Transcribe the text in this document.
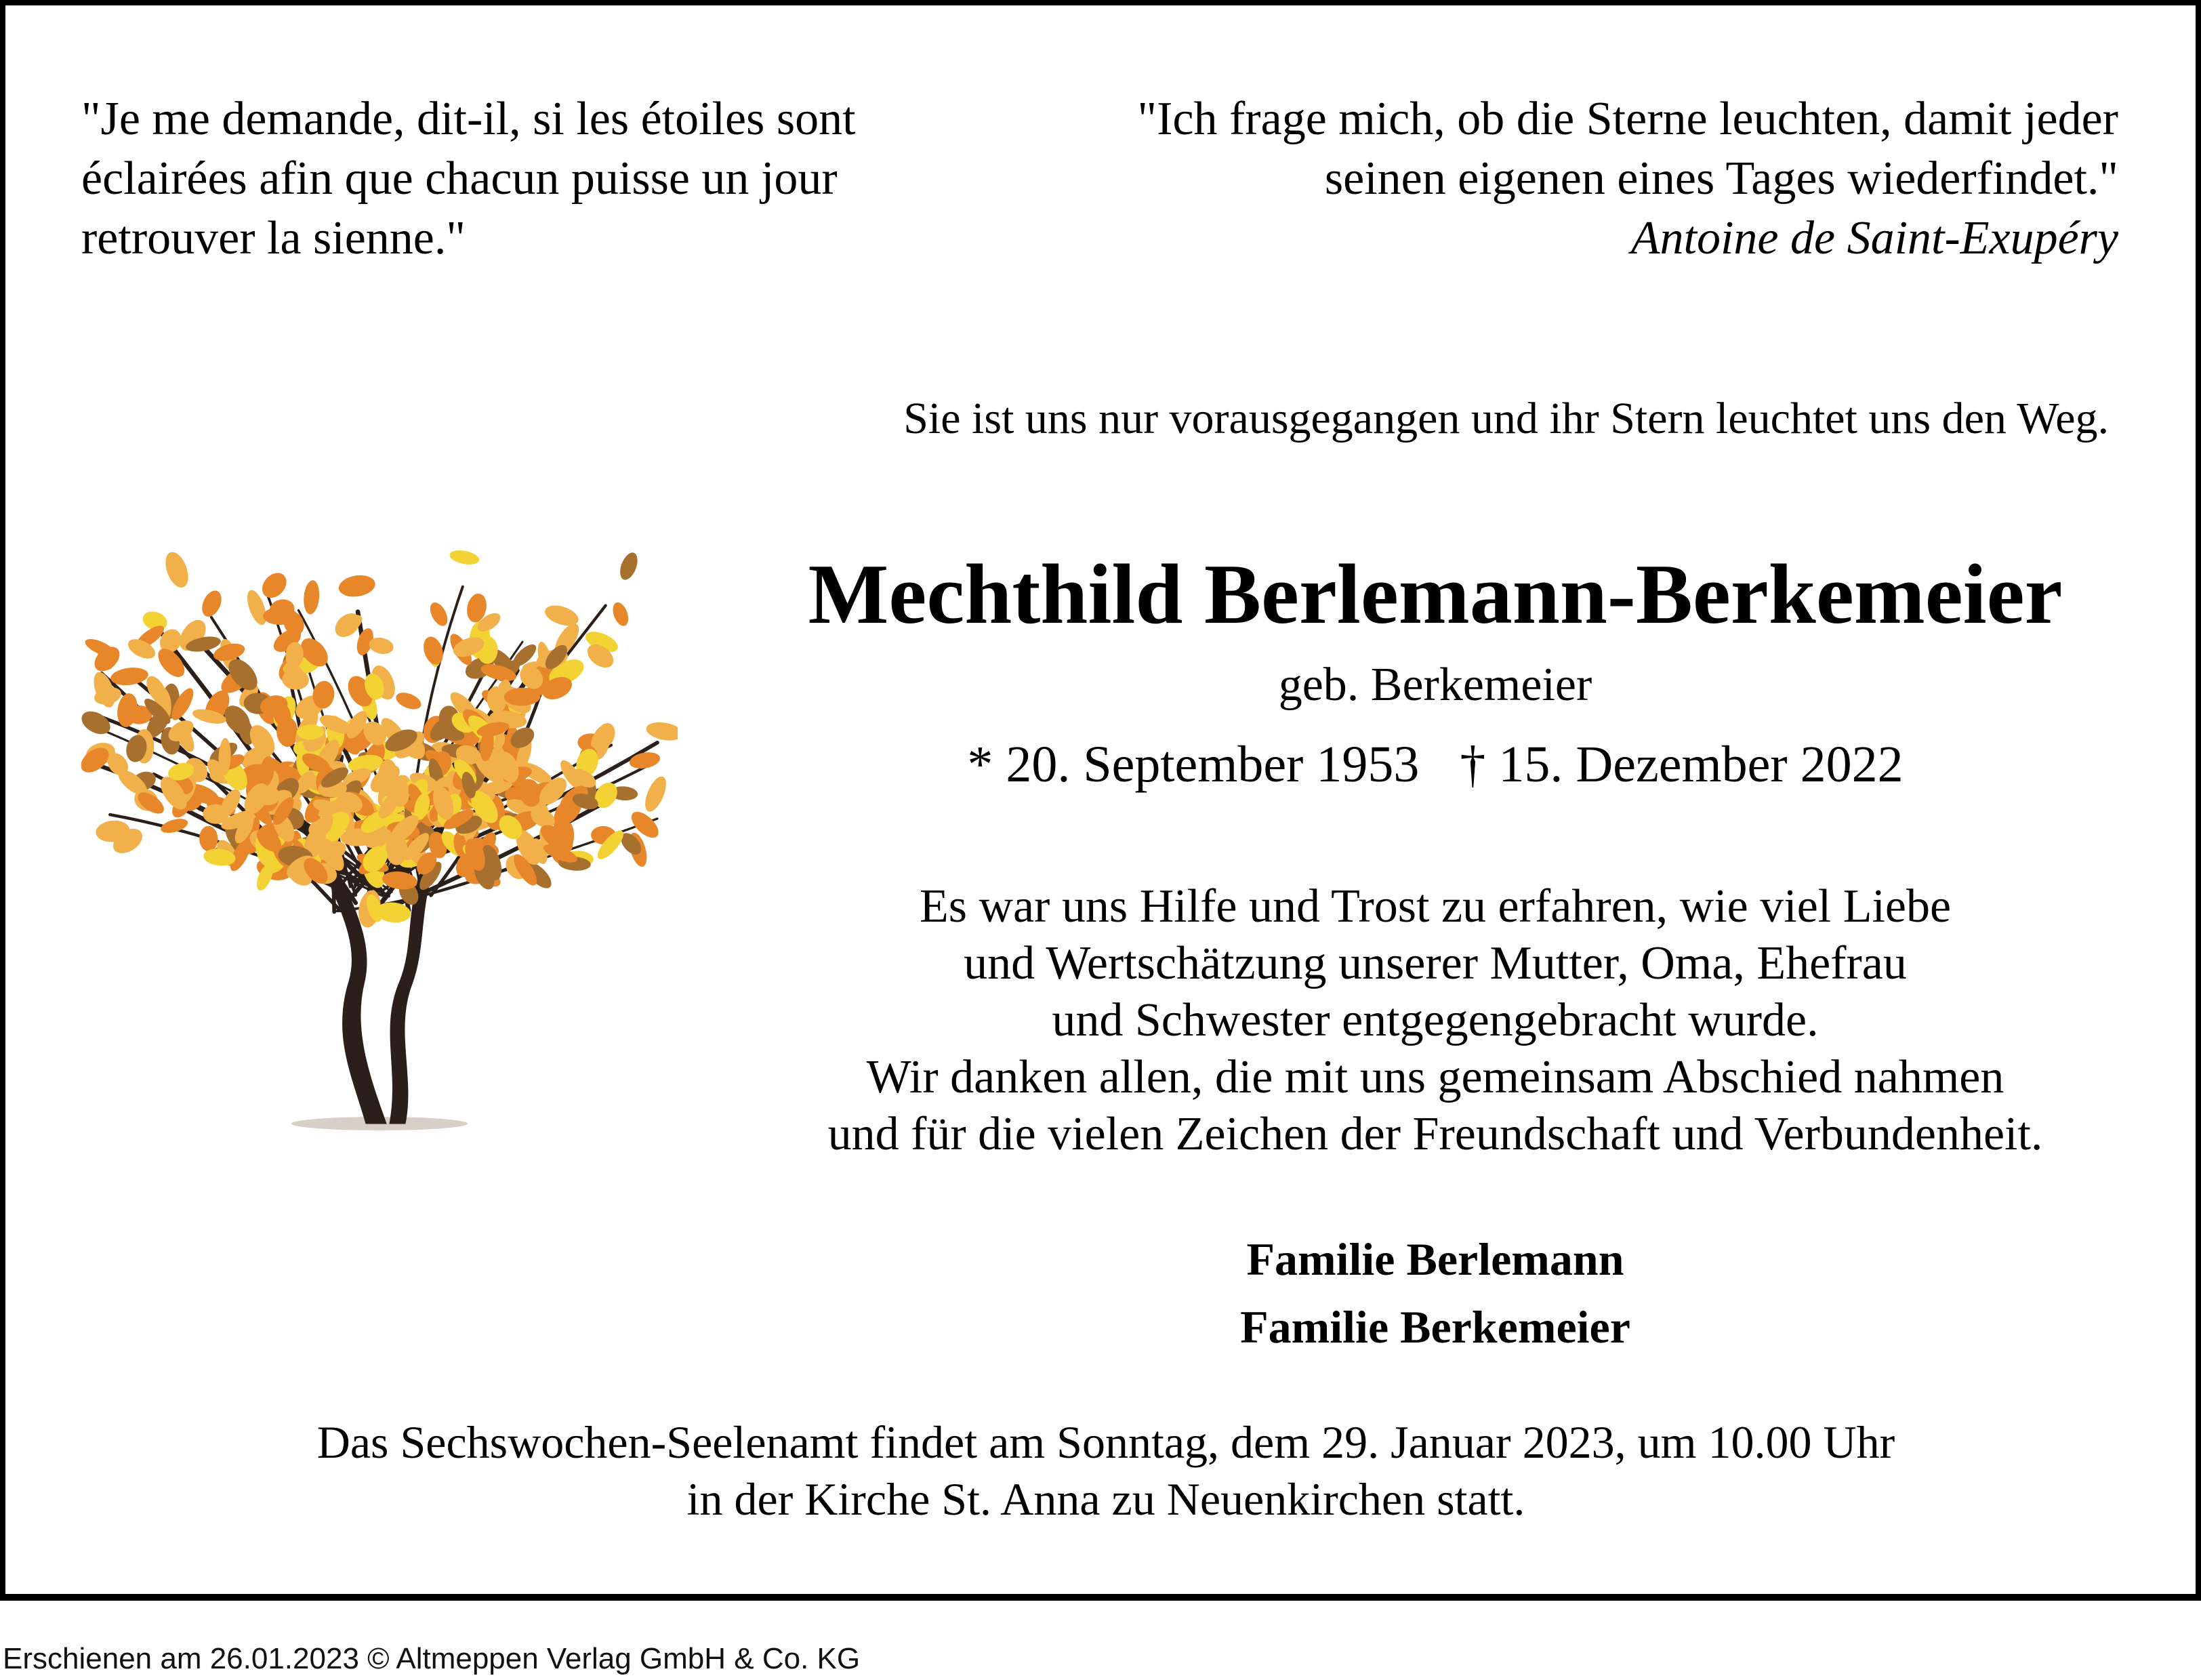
"Je me demande, dit-il, si les étoiles sont
éclairées afin que chacun puisse un jour
retrouver la sienne."
"Ich frage mich, ob die Sterne leuchten, damit jeder
seinen eigenen eines Tages wiederfindet."
Antoine de Saint-Exupéry
Sie ist uns nur vorausgegangen und ihr Stern leuchtet uns den Weg.
Mechthild Berlemann-Berkemeier
geb. Berkemeier
* 20. September 1953 † 15. Dezember 2022
Es war uns Hilfe und Trost zu erfahren, wie viel Liebe
und Wertschätzung unserer Mutter, Oma, Ehefrau
und Schwester entgegengebracht wurde.
Wir danken allen, die mit uns gemeinsam Abschied nahmen
und für die vielen Zeichen der Freundschaft und Verbundenheit.
Familie Berlemann
Familie Berkemeier
Das Sechswochen-Seelenamt findet am Sonntag, dem 29. Januar 2023, um 10.00 Uhr
in der Kirche St. Anna zu Neuenkirchen statt.
Erschienen am 26.01.2023 © Altmeppen Verlag GmbH & Co. KG
